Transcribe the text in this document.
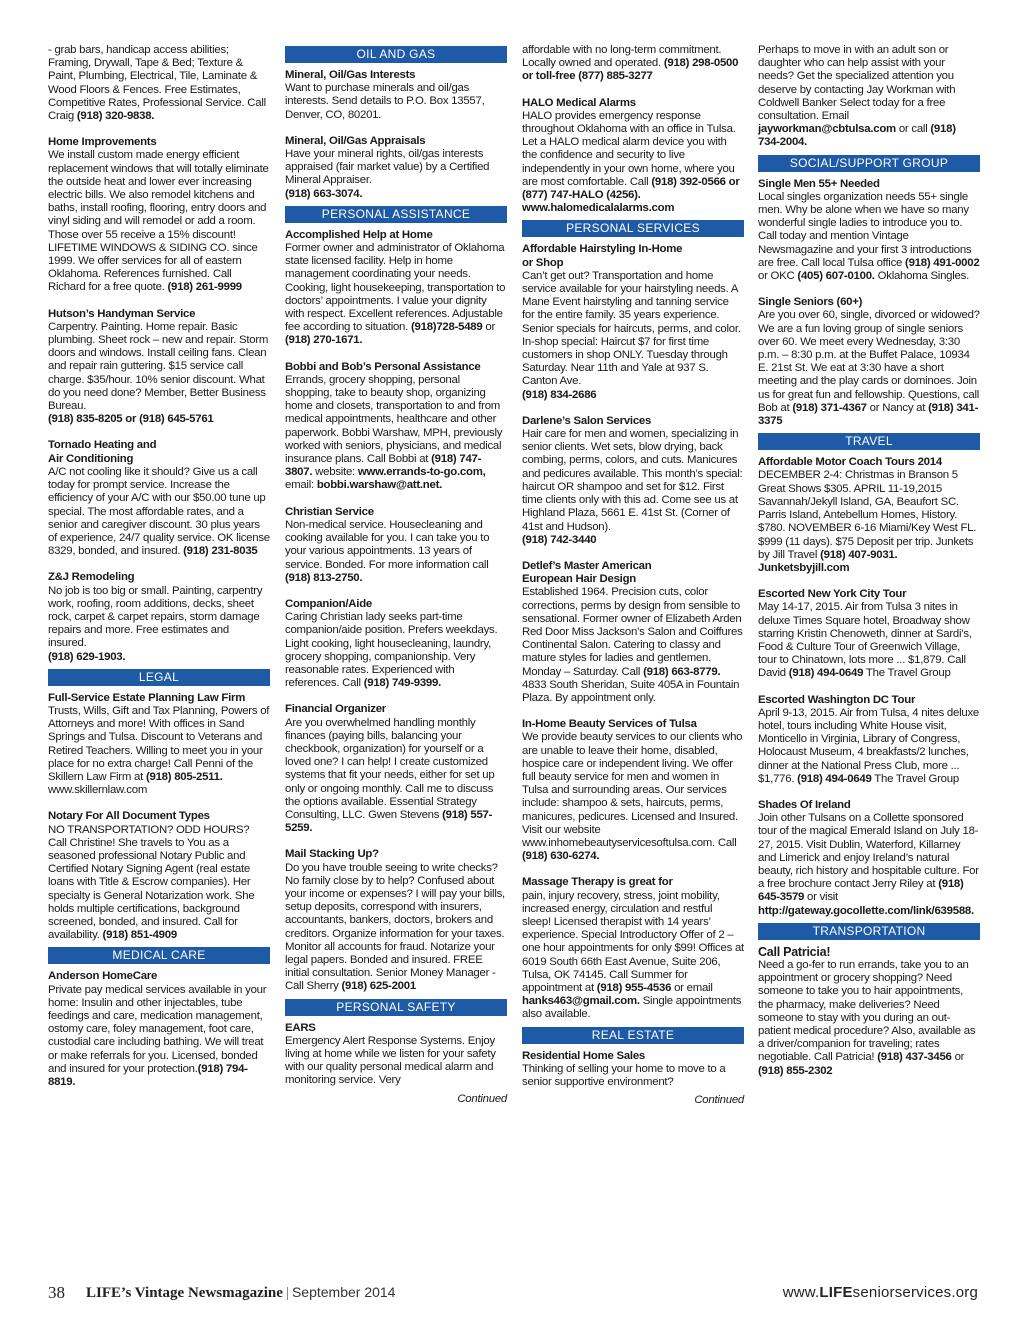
- grab bars, handicap access abilities; Framing, Drywall, Tape & Bed; Texture & Paint, Plumbing, Electrical, Tile, Laminate & Wood Floors & Fences. Free Estimates, Competitive Rates, Professional Service. Call Craig (918) 320-9838.
Home Improvements
We install custom made energy efficient replacement windows that will totally eliminate the outside heat and lower ever increasing electric bills. We also remodel kitchens and baths, install roofing, flooring, entry doors and vinyl siding and will remodel or add a room. Those over 55 receive a 15% discount! LIFETIME WINDOWS & SIDING CO. since 1999. We offer services for all of eastern Oklahoma. References furnished. Call Richard for a free quote. (918) 261-9999
Hutson’s Handyman Service
Carpentry. Painting. Home repair. Basic plumbing. Sheet rock – new and repair. Storm doors and windows. Install ceiling fans. Clean and repair rain guttering. $15 service call charge. $35/hour. 10% senior discount. What do you need done? Member, Better Business Bureau.
(918) 835-8205 or (918) 645-5761
Tornado Heating and
Air Conditioning
A/C not cooling like it should? Give us a call today for prompt service. Increase the efficiency of your A/C with our $50.00 tune up special. The most affordable rates, and a senior and caregiver discount. 30 plus years of experience, 24/7 quality service. OK license 8329, bonded, and insured. (918) 231-8035
Z&J Remodeling
No job is too big or small. Painting, carpentry work, roofing, room additions, decks, sheet rock, carpet & carpet repairs, storm damage repairs and more. Free estimates and insured.
(918) 629-1903.
LEGAL
Full-Service Estate Planning Law Firm
Trusts, Wills, Gift and Tax Planning, Powers of Attorneys and more! With offices in Sand Springs and Tulsa. Discount to Veterans and Retired Teachers. Willing to meet you in your place for no extra charge! Call Penni of the Skillern Law Firm at (918) 805-2511.
www.skillernlaw.com
Notary For All Document Types
NO TRANSPORTATION? ODD HOURS? Call Christine! She travels to You as a seasoned professional Notary Public and Certified Notary Signing Agent (real estate loans with Title & Escrow companies). Her specialty is General Notarization work. She holds multiple certifications, background screened, bonded, and insured. Call for availability. (918) 851-4909
MEDICAL CARE
Anderson HomeCare
Private pay medical services available in your home: Insulin and other injectables, tube feedings and care, medication management, ostomy care, foley management, foot care, custodial care including bathing. We will treat or make referrals for you. Licensed, bonded and insured for your protection.(918) 794-8819.
OIL AND GAS
Mineral, Oil/Gas Interests
Want to purchase minerals and oil/gas interests. Send details to P.O. Box 13557, Denver, CO, 80201.
Mineral, Oil/Gas Appraisals
Have your mineral rights, oil/gas interests appraised (fair market value) by a Certified Mineral Appraiser.
(918) 663-3074.
PERSONAL ASSISTANCE
Accomplished Help at Home
Former owner and administrator of Oklahoma state licensed facility. Help in home management coordinating your needs. Cooking, light housekeeping, transportation to doctors’ appointments. I value your dignity with respect. Excellent references. Adjustable fee according to situation. (918)728-5489 or (918) 270-1671.
Bobbi and Bob’s Personal Assistance
Errands, grocery shopping, personal shopping, take to beauty shop, organizing home and closets, transportation to and from medical appointments, healthcare and other paperwork. Bobbi Warshaw, MPH, previously worked with seniors, physicians, and medical insurance plans. Call Bobbi at (918) 747-3807. website: www.errands-to-go.com, email: bobbi.warshaw@att.net.
Christian Service
Non-medical service. Housecleaning and cooking available for you. I can take you to your various appointments. 13 years of service. Bonded. For more information call (918) 813-2750.
Companion/Aide
Caring Christian lady seeks part-time companion/aide position. Prefers weekdays. Light cooking, light housecleaning, laundry, grocery shopping, companionship. Very reasonable rates. Experienced with references. Call (918) 749-9399.
Financial Organizer
Are you overwhelmed handling monthly finances (paying bills, balancing your checkbook, organization) for yourself or a loved one? I can help! I create customized systems that fit your needs, either for set up only or ongoing monthly. Call me to discuss the options available. Essential Strategy Consulting, LLC. Gwen Stevens (918) 557-5259.
Mail Stacking Up?
Do you have trouble seeing to write checks? No family close by to help? Confused about your income or expenses? I will pay your bills, setup deposits, correspond with insurers, accountants, bankers, doctors, brokers and creditors. Organize information for your taxes. Monitor all accounts for fraud. Notarize your legal papers. Bonded and insured. FREE initial consultation. Senior Money Manager - Call Sherry (918) 625-2001
PERSONAL SAFETY
EARS
Emergency Alert Response Systems. Enjoy living at home while we listen for your safety with our quality personal medical alarm and monitoring service. Very
Continued
affordable with no long-term commitment. Locally owned and operated. (918) 298-0500 or toll-free (877) 885-3277
HALO Medical Alarms
HALO provides emergency response throughout Oklahoma with an office in Tulsa. Let a HALO medical alarm device you with the confidence and security to live independently in your own home, where you are most comfortable. Call (918) 392-0566 or (877) 747-HALO (4256). www.halomedicalalarms.com
PERSONAL SERVICES
Affordable Hairstyling In-Home
or Shop
Can’t get out? Transportation and home service available for your hairstyling needs. A Mane Event hairstyling and tanning service for the entire family. 35 years experience. Senior specials for haircuts, perms, and color. In-shop special: Haircut $7 for first time customers in shop ONLY. Tuesday through Saturday. Near 11th and Yale at 937 S. Canton Ave.
(918) 834-2686
Darlene’s Salon Services
Hair care for men and women, specializing in senior clients. Wet sets, blow drying, back combing, perms, colors, and cuts. Manicures and pedicures available. This month’s special: haircut OR shampoo and set for $12. First time clients only with this ad. Come see us at Highland Plaza, 5661 E. 41st St. (Corner of 41st and Hudson).
(918) 742-3440
Detlef’s Master American
European Hair Design
Established 1964. Precision cuts, color corrections, perms by design from sensible to sensational. Former owner of Elizabeth Arden Red Door Miss Jackson’s Salon and Coiffures Continental Salon. Catering to classy and mature styles for ladies and gentlemen. Monday – Saturday. Call (918) 663-8779. 4833 South Sheridan, Suite 405A in Fountain Plaza. By appointment only.
In-Home Beauty Services of Tulsa
We provide beauty services to our clients who are unable to leave their home, disabled, hospice care or independent living. We offer full beauty service for men and women in Tulsa and surrounding areas. Our services include: shampoo & sets, haircuts, perms, manicures, pedicures. Licensed and Insured. Visit our website www.inhomebeautyservicesoftulsa.com. Call (918) 630-6274.
Massage Therapy is great for
pain, injury recovery, stress, joint mobility, increased energy, circulation and restful sleep! Licensed therapist with 14 years’ experience. Special Introductory Offer of 2 – one hour appointments for only $99! Offices at 6019 South 66th East Avenue, Suite 206, Tulsa, OK 74145. Call Summer for appointment at (918) 955-4536 or email hanks463@gmail.com. Single appointments also available.
REAL ESTATE
Residential Home Sales
Thinking of selling your home to move to a senior supportive environment?
Continued
Perhaps to move in with an adult son or daughter who can help assist with your needs? Get the specialized attention you deserve by contacting Jay Workman with Coldwell Banker Select today for a free consultation. Email jayworkman@cbtulsa.com or call (918) 734-2004.
SOCIAL/SUPPORT GROUP
Single Men 55+ Needed
Local singles organization needs 55+ single men. Why be alone when we have so many wonderful single ladies to introduce you to. Call today and mention Vintage Newsmagazine and your first 3 introductions are free. Call local Tulsa office (918) 491-0002 or OKC (405) 607-0100. Oklahoma Singles.
Single Seniors (60+)
Are you over 60, single, divorced or widowed? We are a fun loving group of single seniors over 60. We meet every Wednesday, 3:30 p.m. – 8:30 p.m. at the Buffet Palace, 10934 E. 21st St. We eat at 3:30 have a short meeting and the play cards or dominoes. Join us for great fun and fellowship. Questions, call Bob at (918) 371-4367 or Nancy at (918) 341-3375
TRAVEL
Affordable Motor Coach Tours 2014
DECEMBER 2-4: Christmas in Branson 5 Great Shows $305. APRIL 11-19,2015 Savannah/Jekyll Island, GA, Beaufort SC. Parris Island, Antebellum Homes, History. $780. NOVEMBER 6-16 Miami/Key West FL. $999 (11 days). $75 Deposit per trip. Junkets by Jill Travel (918) 407-9031. Junketsbyjill.com
Escorted New York City Tour
May 14-17, 2015. Air from Tulsa 3 nites in deluxe Times Square hotel, Broadway show starring Kristin Chenoweth, dinner at Sardi’s, Food & Culture Tour of Greenwich Village, tour to Chinatown, lots more ... $1,879. Call David (918) 494-0649 The Travel Group
Escorted Washington DC Tour
April 9-13, 2015. Air from Tulsa, 4 nites deluxe hotel, tours including White House visit, Monticello in Virginia, Library of Congress, Holocaust Museum, 4 breakfasts/2 lunches, dinner at the National Press Club, more ... $1,776. (918) 494-0649 The Travel Group
Shades Of Ireland
Join other Tulsans on a Collette sponsored tour of the magical Emerald Island on July 18-27, 2015. Visit Dublin, Waterford, Killarney and Limerick and enjoy Ireland’s natural beauty, rich history and hospitable culture. For a free brochure contact Jerry Riley at (918) 645-3579 or visit http://gateway.gocollette.com/link/639588.
TRANSPORTATION
Call Patricia!
Need a go-fer to run errands, take you to an appointment or grocery shopping? Need someone to take you to hair appointments, the pharmacy, make deliveries? Need someone to stay with you during an out-patient medical procedure? Also, available as a driver/companion for traveling; rates negotiable. Call Patricia! (918) 437-3456 or (918) 855-2302
38 LIFE’s Vintage Newsmagazine | September 2014	www.LIFEseniorservices.org
